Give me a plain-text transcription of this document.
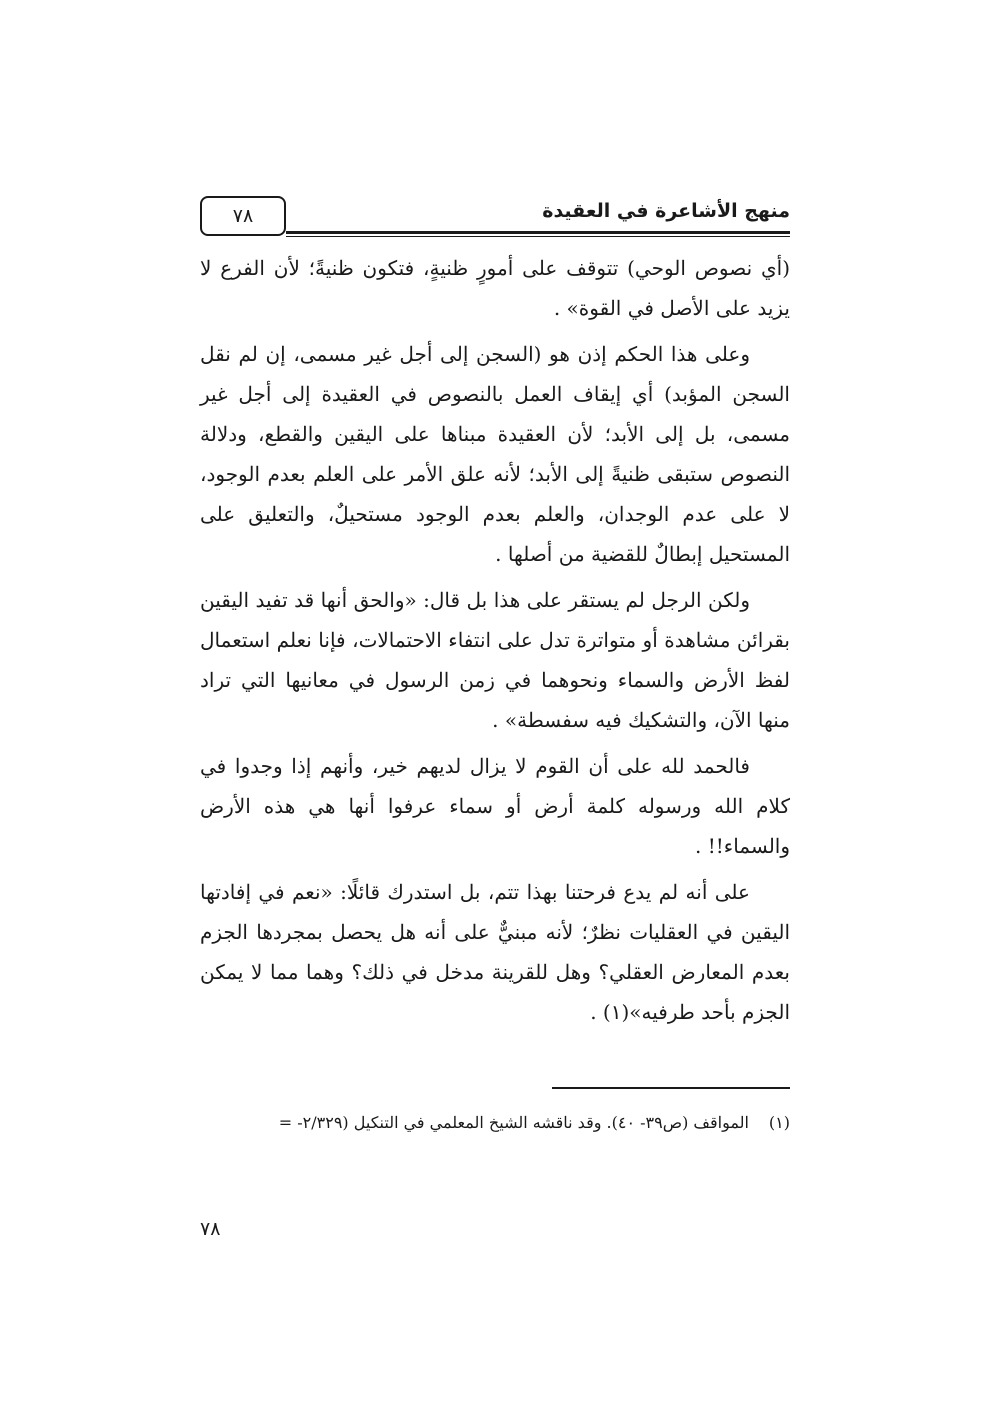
٧٨	منهج الأشاعرة في العقيدة

(أي نصوص الوحي) تتوقف على أمورٍ ظنيةٍ، فتكون ظنيةً؛ لأن الفرع لا يزيد على الأصل في القوة» .

وعلى هذا الحكم إذن هو (السجن إلى أجل غير مسمى، إن لم نقل السجن المؤبد) أي إيقاف العمل بالنصوص في العقيدة إلى أجل غير مسمى، بل إلى الأبد؛ لأن العقيدة مبناها على اليقين والقطع، ودلالة النصوص ستبقى ظنيةً إلى الأبد؛ لأنه علق الأمر على العلم بعدم الوجود، لا على عدم الوجدان، والعلم بعدم الوجود مستحيلٌ، والتعليق على المستحيل إبطالٌ للقضية من أصلها .

ولكن الرجل لم يستقر على هذا بل قال: «والحق أنها قد تفيد اليقين بقرائن مشاهدة أو متواترة تدل على انتفاء الاحتمالات، فإنا نعلم استعمال لفظ الأرض والسماء ونحوهما في زمن الرسول في معانيها التي تراد منها الآن، والتشكيك فيه سفسطة» .

فالحمد لله على أن القوم لا يزال لديهم خير، وأنهم إذا وجدوا في كلام الله ورسوله كلمة أرض أو سماء عرفوا أنها هي هذه الأرض والسماء!! .

على أنه لم يدع فرحتنا بهذا تتم، بل استدرك قائلًا: «نعم في إفادتها اليقين في العقليات نظرٌ؛ لأنه مبنيٌّ على أنه هل يحصل بمجردها الجزم بعدم المعارض العقلي؟ وهل للقرينة مدخل في ذلك؟ وهما مما لا يمكن الجزم بأحد طرفيه»(١) .

(١)المواقف (ص٣٩- ٤٠). وقد ناقشه الشيخ المعلمي في التنكيل (٢/٣٢٩- =
٧٨
